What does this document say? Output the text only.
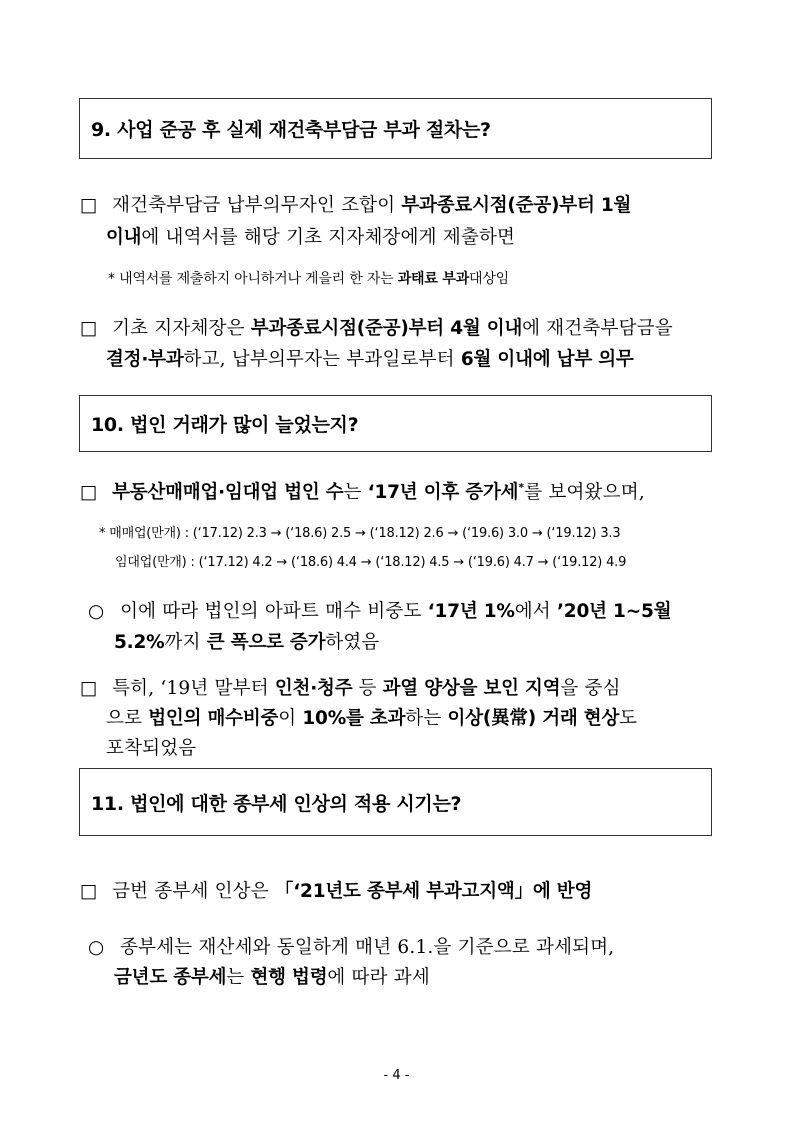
9. 사업 준공 후 실제 재건축부담금 부과 절차는?
□ 재건축부담금 납부의무자인 조합이 부과종료시점(준공)부터 1월
이내에 내역서를 해당 기초 지자체장에게 제출하면
* 내역서를 제출하지 아니하거나 게을리 한 자는 과태료 부과대상임
□ 기초 지자체장은 부과종료시점(준공)부터 4월 이내에 재건축부담금을
결정·부과하고, 납부의무자는 부과일로부터 6월 이내에 납부 의무
10. 법인 거래가 많이 늘었는지?
□ 부동산매매업·임대업 법인 수는 ‘17년 이후 증가세*를 보여왔으며,
* 매매업(만개) : (‘17.12) 2.3 → (‘18.6) 2.5 → (‘18.12) 2.6 → (‘19.6) 3.0 → (‘19.12) 3.3
임대업(만개) : (‘17.12) 4.2 → (‘18.6) 4.4 → (‘18.12) 4.5 → (‘19.6) 4.7 → (‘19.12) 4.9
○ 이에 따라 법인의 아파트 매수 비중도 ‘17년 1%에서 ’20년 1~5월
5.2%까지 큰 폭으로 증가하였음
□ 특히, ‘19년 말부터 인천·청주 등 과열 양상을 보인 지역을 중심
으로 법인의 매수비중이 10%를 초과하는 이상(異常) 거래 현상도
포착되었음
11. 법인에 대한 종부세 인상의 적용 시기는?
□ 금번 종부세 인상은 「‘21년도 종부세 부과고지액」에 반영
○ 종부세는 재산세와 동일하게 매년 6.1.을 기준으로 과세되며,
금년도 종부세는 현행 법령에 따라 과세
- 4 -
